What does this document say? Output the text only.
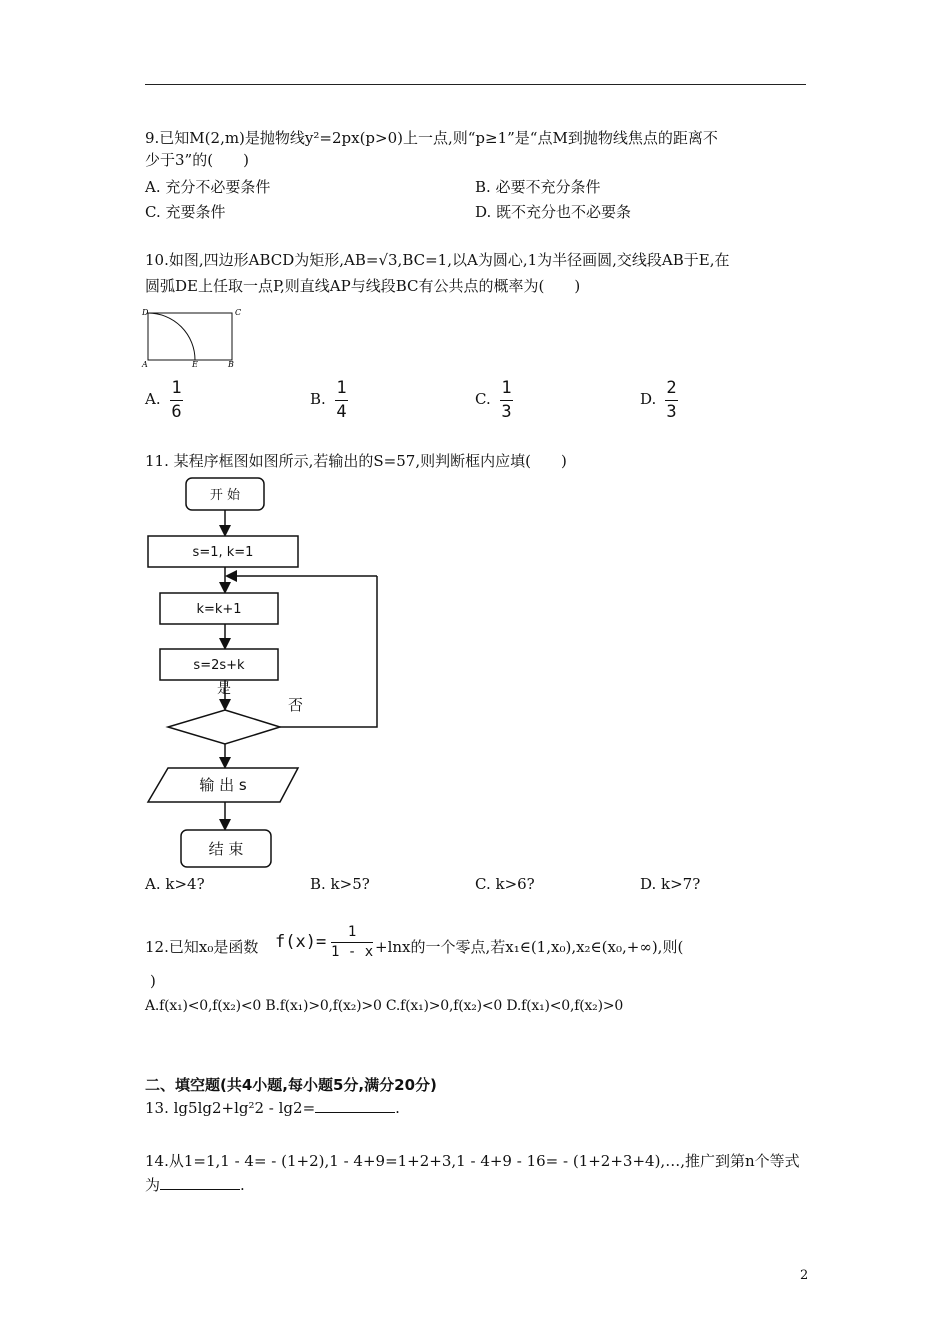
9.已知M(2,m)是抛物线y²=2px(p>0)上一点,则“p≥1”是“点M到抛物线焦点的距离不
少于3”的(　　)
A. 充分不必要条件	B. 必要不充分条件
C. 充要条件	D. 既不充分也不必要条
10.如图,四边形ABCD为矩形,AB=√3,BC=1,以A为圆心,1为半径画圆,交线段AB于E,在
圆弧DE上任取一点P,则直线AP与线段BC有公共点的概率为(　　)
D	C
A	E	B
A.
1
6
B.
1
4
C.
1
3
D.
2
3
11. 某程序框图如图所示,若输出的S=57,则判断框内应填(　　)
开 始
s=1, k=1
k=k+1
s=2s+k
是
否
输 出 s
结 束
A. k>4?	B. k>5?	C. k>6?	D. k>7?
12.已知x₀是函数 f(x)= 1
1 - x +lnx的一个零点,若x₁∈(1,x₀),x₂∈(x₀,+∞),则(
)
A.f(x₁)<0,f(x₂)<0 B.f(x₁)>0,f(x₂)>0 C.f(x₁)>0,f(x₂)<0 D.f(x₁)<0,f(x₂)>0
二、填空题(共4小题,每小题5分,满分20分)
13. lg5lg2+lg²2 - lg2=	.
14.从1=1,1 - 4= - (1+2),1 - 4+9=1+2+3,1 - 4+9 - 16= - (1+2+3+4),…,推广到第n个等式
为	.
2
